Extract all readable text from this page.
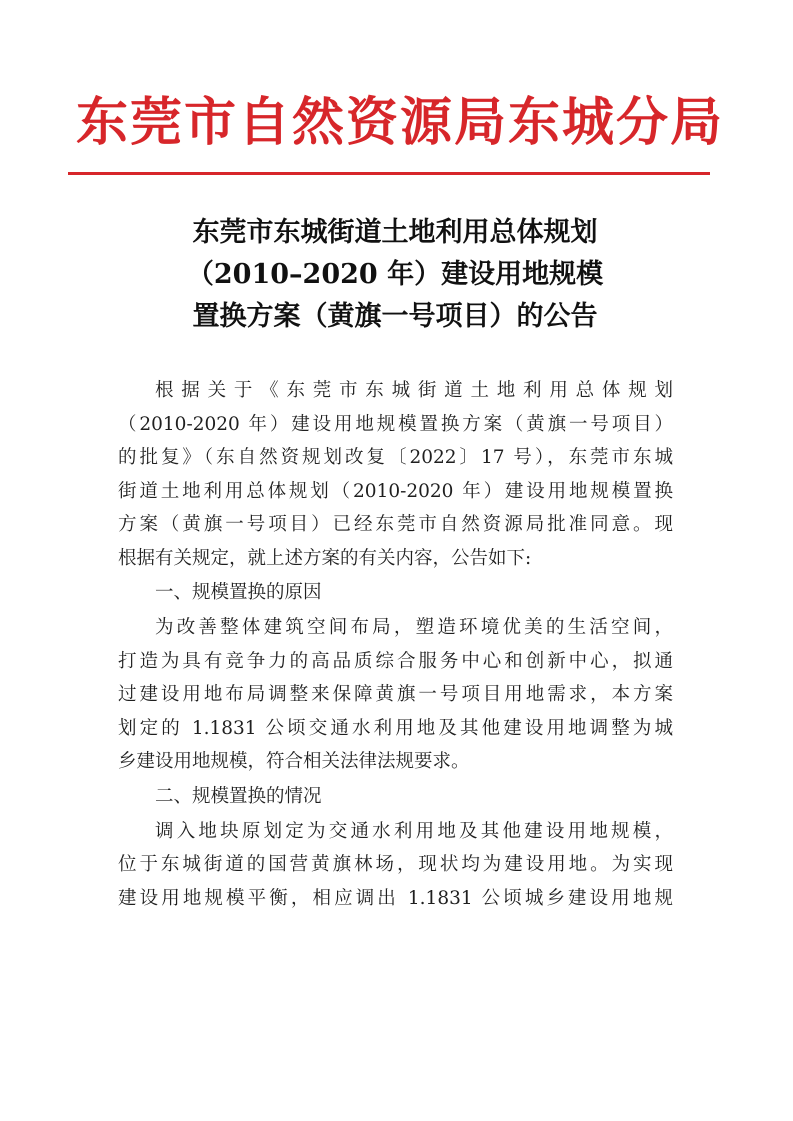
东莞市自然资源局东城分局
东莞市东城街道土地利用总体规划
（2010–2020 年）建设用地规模
置换方案（黄旗一号项目）的公告
根据关于《东莞市东城街道土地利用总体规划
（2010-2020 年）建设用地规模置换方案（黄旗一号项目）
的批复》（东自然资规划改复〔2022〕17 号），东莞市东城
街道土地利用总体规划（2010-2020 年）建设用地规模置换
方案（黄旗一号项目）已经东莞市自然资源局批准同意。现
根据有关规定，就上述方案的有关内容，公告如下:

一、规模置换的原因

为改善整体建筑空间布局，塑造环境优美的生活空间，
打造为具有竞争力的高品质综合服务中心和创新中心，拟通
过建设用地布局调整来保障黄旗一号项目用地需求，本方案
划定的 1.1831 公顷交通水利用地及其他建设用地调整为城
乡建设用地规模，符合相关法律法规要求。

二、规模置换的情况

调入地块原划定为交通水利用地及其他建设用地规模，
位于东城街道的国营黄旗林场，现状均为建设用地。为实现
建设用地规模平衡，相应调出 1.1831 公顷城乡建设用地规
